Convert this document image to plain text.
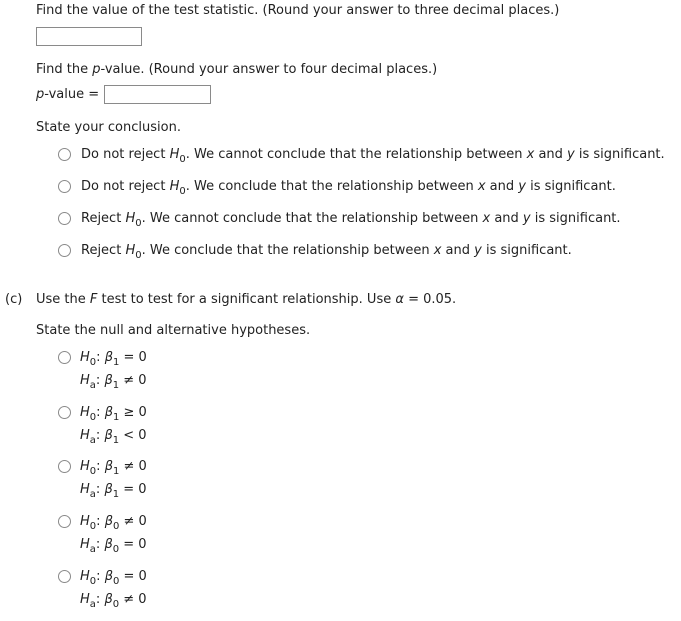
Find the value of the test statistic. (Round your answer to three decimal places.)
Find the p-value. (Round your answer to four decimal places.)
p-value =
State your conclusion.
Do not reject $H_0$. We cannot conclude that the relationship between x and y is significant.
Do not reject $H_0$. We conclude that the relationship between x and y is significant.
Reject $H_0$. We cannot conclude that the relationship between x and y is significant.
Reject $H_0$. We conclude that the relationship between x and y is significant.
(c) Use the F test to test for a significant relationship. Use α = 0.05.
State the null and alternative hypotheses.
$H_0$: $\beta_1 = 0$
$H_a$: $\beta_1 \ne 0$
$H_0$: $\beta_1 \ge 0$
$H_a$: $\beta_1 < 0$
$H_0$: $\beta_1 \ne 0$
$H_a$: $\beta_1 = 0$
$H_0$: $\beta_0 \ne 0$
$H_a$: $\beta_0 = 0$
$H_0$: $\beta_0 = 0$
$H_a$: $\beta_0 \ne 0$
